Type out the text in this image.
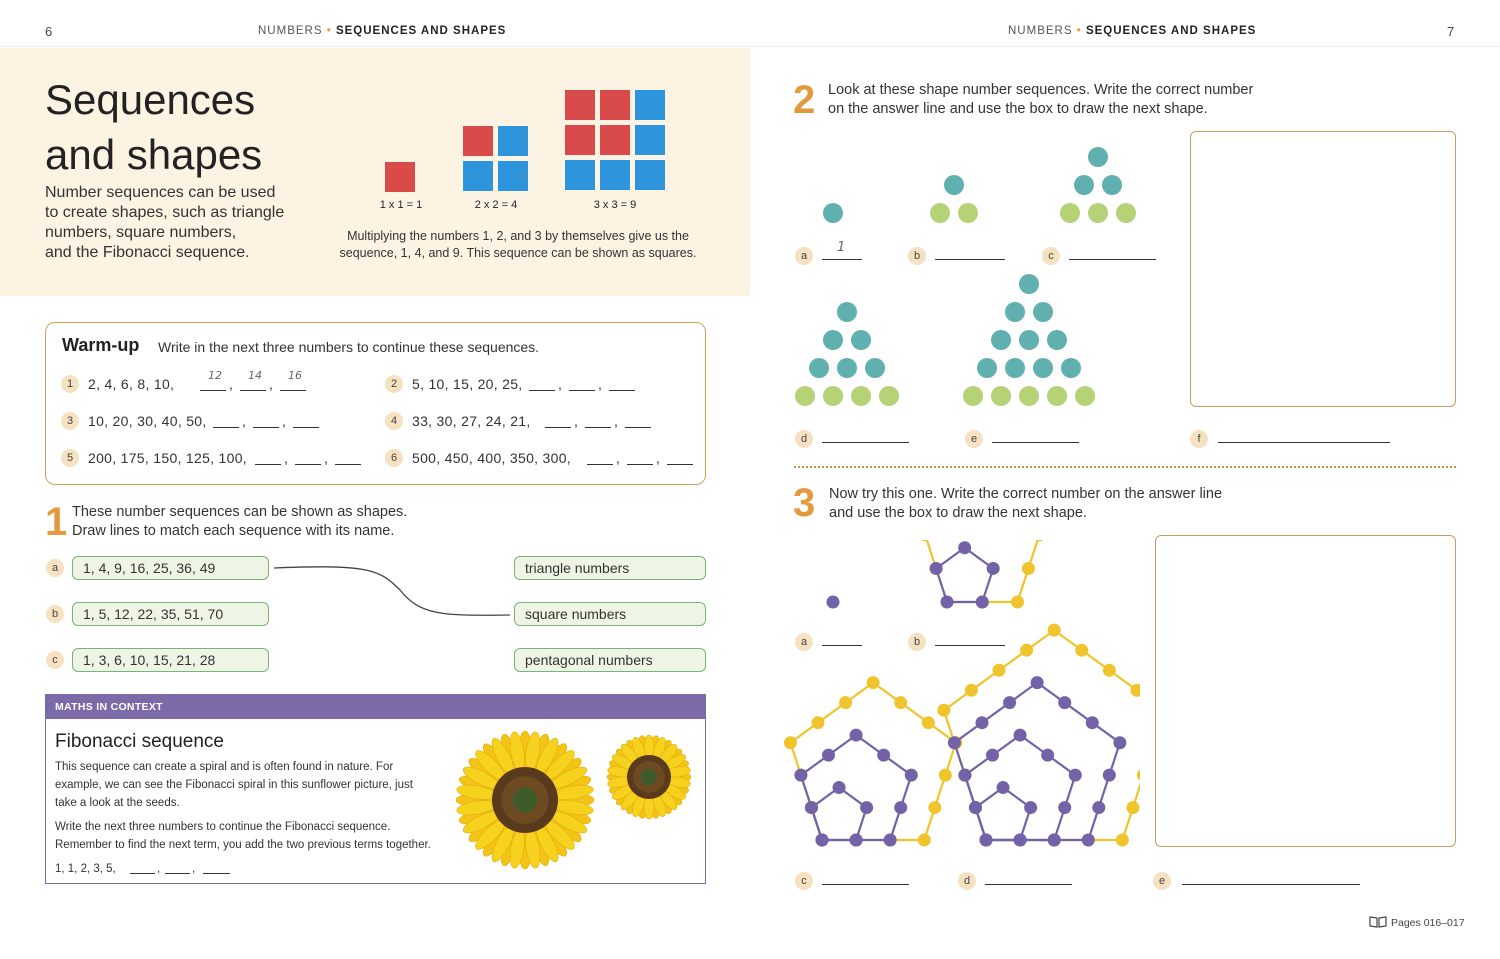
6	NUMBERS • SEQUENCES AND SHAPES	NUMBERS • SEQUENCES AND SHAPES	7
Sequences
and shapes
Number sequences can be used
to create shapes, such as triangle
numbers, square numbers,
and the Fibonacci sequence.
1 x 1 = 1	2 x 2 = 4	3 x 3 = 9
Multiplying the numbers 1, 2, and 3 by themselves give us the
sequence, 1, 4, and 9. This sequence can be shown as squares.
Warm-up Write in the next three numbers to continue these sequences.
1 These number sequences can be shown as shapes.
Draw lines to match each sequence with its name.
MATHS IN CONTEXT
Fibonacci sequence
This sequence can create a spiral and is often found in nature. For
example, we can see the Fibonacci spiral in this sunflower picture, just
take a look at the seeds.
Write the next three numbers to continue the Fibonacci sequence.
Remember to find the next term, you add the two previous terms together.
1, 1, 2, 3, 5,	,	,
2 Look at these shape number sequences. Write the correct number
on the answer line and use the box to draw the next shape.
1
3 Now try this one. Write the correct number on the answer line
and use the box to draw the next shape.
Pages 016–017
1	2, 4, 6, 8, 10,
12
,
14
,
16
2	5, 10, 15, 20, 25,	,	,
3	10, 20, 30, 40, 50,	,	,	4	33, 30, 27, 24, 21,	,	,
5	200, 175, 150, 125, 100,	,	,	6	500, 450, 400, 350, 300,	,	,
a	1, 4, 9, 16, 25, 36, 49	triangle numbers
b	1, 5, 12, 22, 35, 51, 70	square numbers
c	1, 3, 6, 10, 15, 21, 28	pentagonal numbers
a	b	c
d	e	f
a	b
c	d	e
